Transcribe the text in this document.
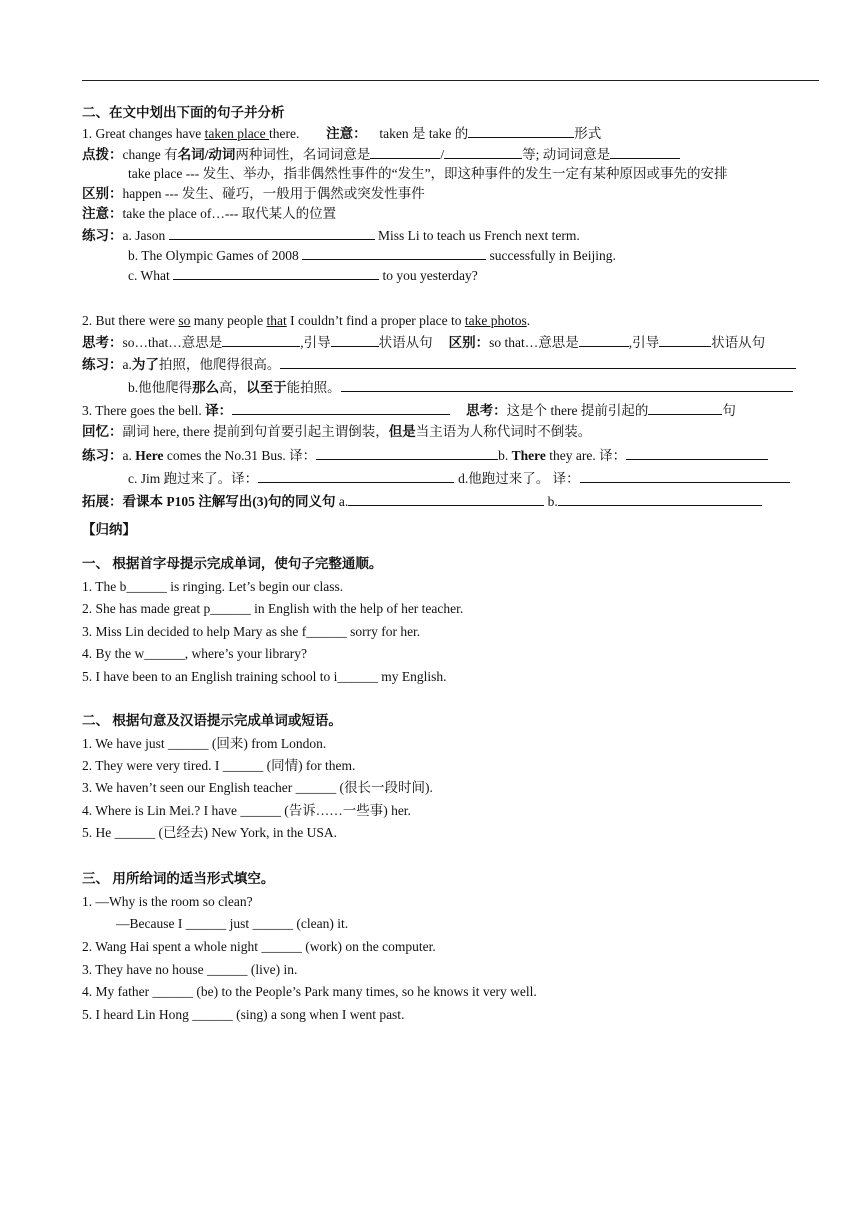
二、在文中划出下面的句子并分析
1. Great changes have taken place there. 注意： taken 是 take 的	形式
点拨：change 有名词/动词两种词性，名词词意是	/	等; 动词词意是
take place --- 发生、举办，指非偶然性事件的“发生”，即这种事件的发生一定有某种原因或事先的安排
区别：happen --- 发生、碰巧，一般用于偶然或突发性事件
注意：take the place of…--- 取代某人的位置
练习：a. Jason	Miss Li to teach us French next term.
b. The Olympic Games of 2008	successfully in Beijing.
c. What	to you yesterday?
2. But there were so many people that I couldn’t find a proper place to take photos.
思考：so…that…意思是	,引导	状语从句 区别：so that…意思是	,引导	状语从句
练习：a.为了拍照，他爬得很高。
b.他他爬得那么高，以至于能拍照。
3. There goes the bell. 译：	思考：这是个 there 提前引起的	句
回忆：副词 here, there 提前到句首要引起主谓倒装，但是当主语为人称代词时不倒装。
练习：a. Here comes the No.31 Bus. 译：	b. There they are. 译：
c. Jim 跑过来了。译：	d.他跑过来了。 译：
拓展：看课本 P105 注解写出(3)句的同义句 a.	b.
【归纳】
一、 根据首字母提示完成单词，使句子完整通顺。
1. The b______ is ringing. Let’s begin our class.
2. She has made great p______ in English with the help of her teacher.
3. Miss Lin decided to help Mary as she f______ sorry for her.
4. By the w______, where’s your library?
5. I have been to an English training school to i______ my English.
二、 根据句意及汉语提示完成单词或短语。
1. We have just ______ (回来) from London.
2. They were very tired. I ______ (同情) for them.
3. We haven’t seen our English teacher ______ (很长一段时间).
4. Where is Lin Mei.? I have ______ (告诉……一些事) her.
5. He ______ (已经去) New York, in the USA.
三、 用所给词的适当形式填空。
1. —Why is the room so clean?
—Because I ______ just ______ (clean) it.
2. Wang Hai spent a whole night ______ (work) on the computer.
3. They have no house ______ (live) in.
4. My father ______ (be) to the People’s Park many times, so he knows it very well.
5. I heard Lin Hong ______ (sing) a song when I went past.
